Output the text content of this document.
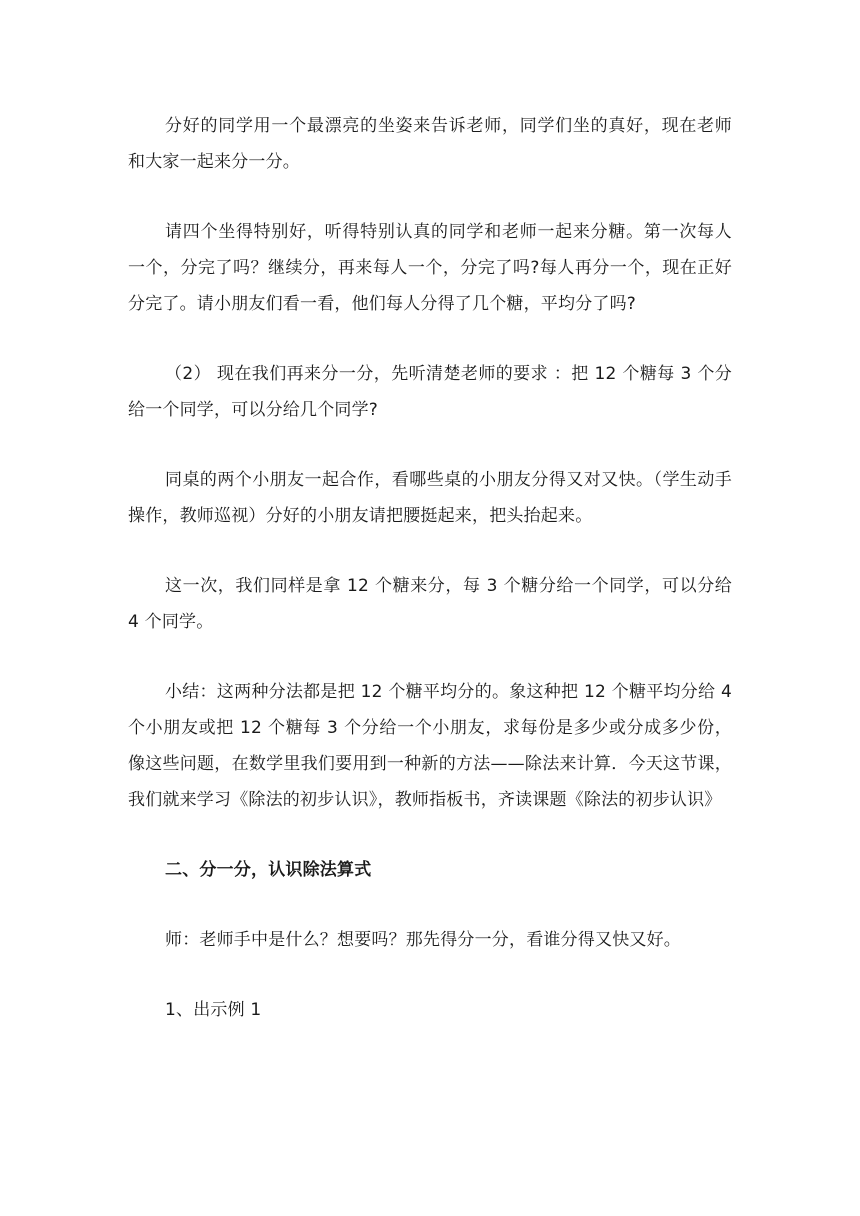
分好的同学用一个最漂亮的坐姿来告诉老师，同学们坐的真好，现在老师和大家一起来分一分。

请四个坐得特别好，听得特别认真的同学和老师一起来分糖。第一次每人一个，分完了吗？继续分，再来每人一个，分完了吗?每人再分一个，现在正好分完了。请小朋友们看一看，他们每人分得了几个糖，平均分了吗?

（2） 现在我们再来分一分，先听清楚老师的要求 ：把 12 个糖每 3 个分给一个同学，可以分给几个同学?

同桌的两个小朋友一起合作，看哪些桌的小朋友分得又对又快。（学生动手操作，教师巡视）分好的小朋友请把腰挺起来，把头抬起来。

这一次，我们同样是拿 12 个糖来分，每 3 个糖分给一个同学，可以分给 4 个同学。

小结：这两种分法都是把 12 个糖平均分的。象这种把 12 个糖平均分给 4 个小朋友或把 12 个糖每 3 个分给一个小朋友，求每份是多少或分成多少份，像这些问题，在数学里我们要用到一种新的方法——除法来计算．今天这节课，我们就来学习《除法的初步认识》，教师指板书，齐读课题《除法的初步认识》

二、分一分，认识除法算式

师：老师手中是什么？想要吗？那先得分一分，看谁分得又快又好。

1、出示例 1
